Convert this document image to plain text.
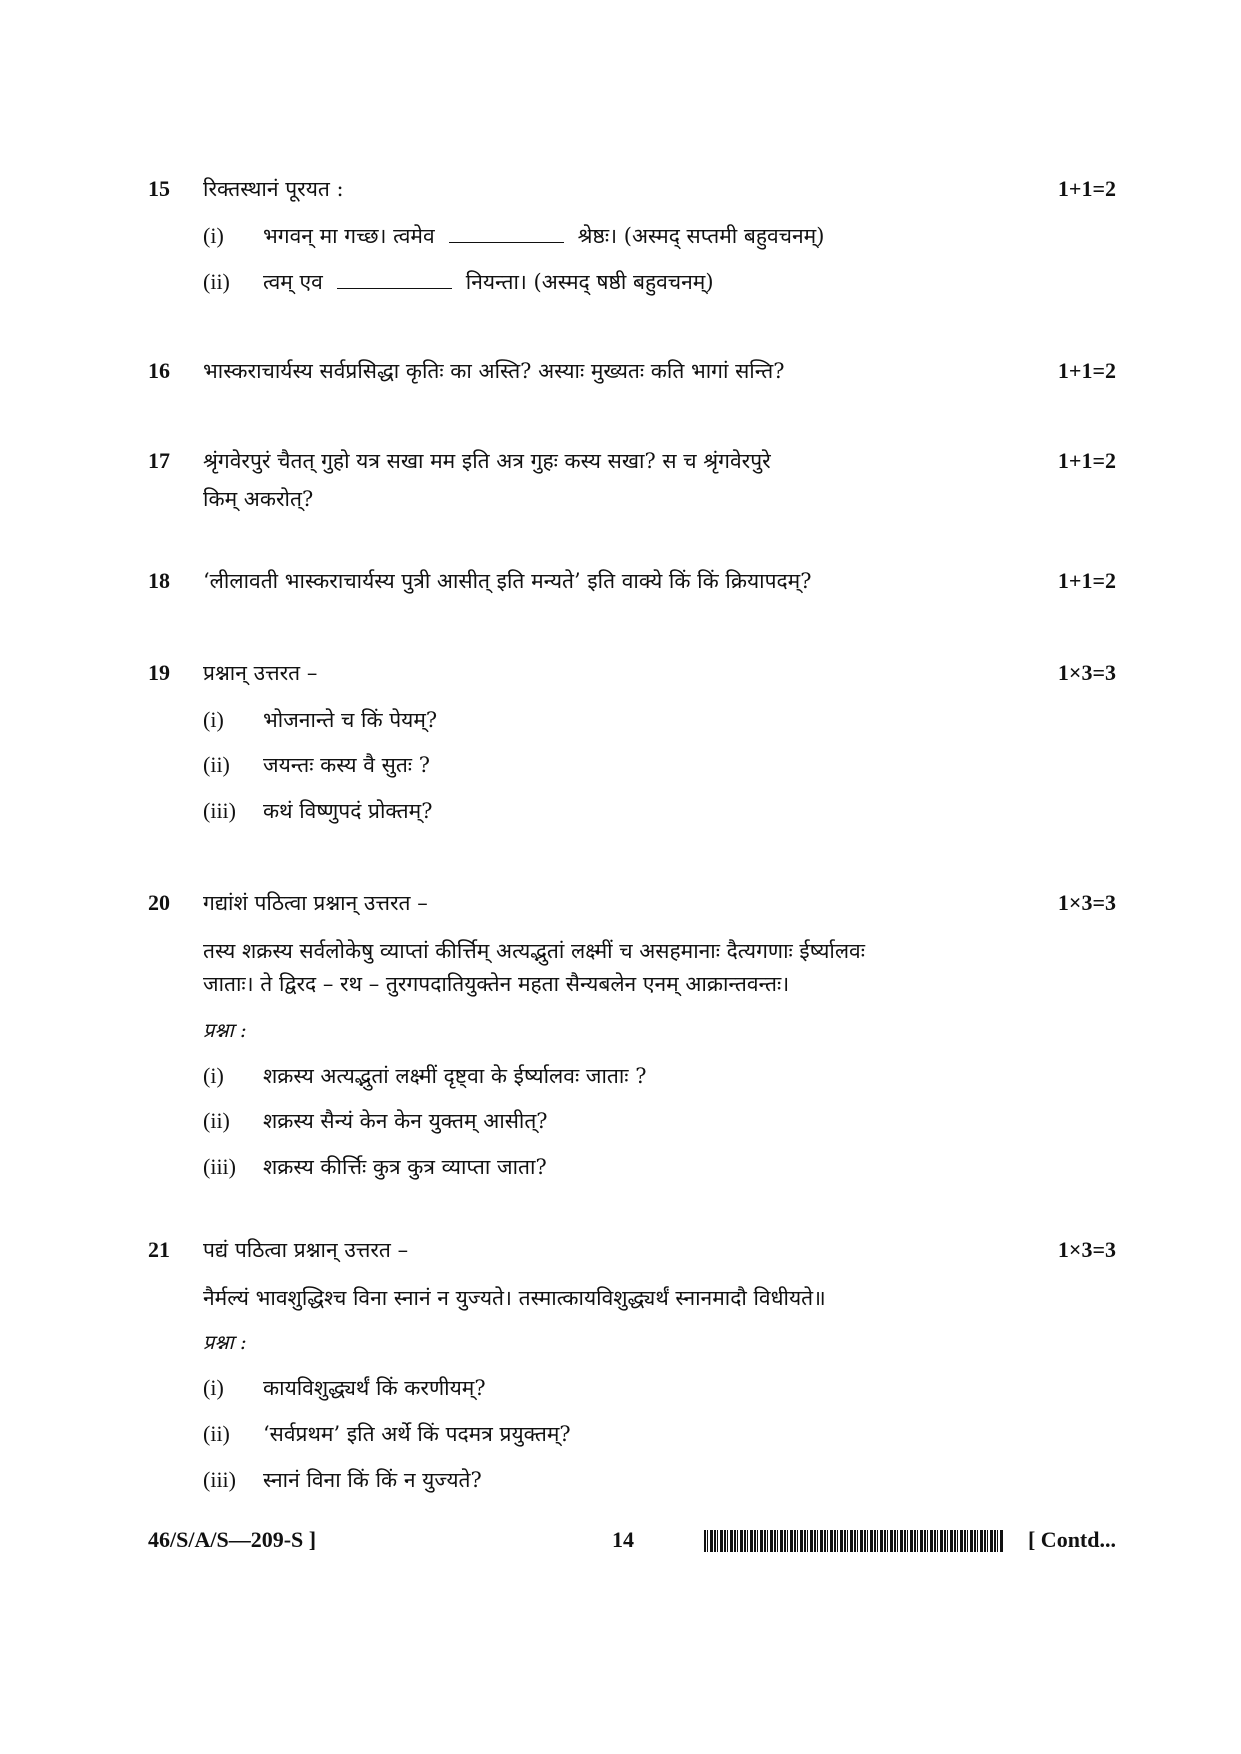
15 रिक्तस्थानं पूरयत :	1+1=2
(i) भगवन् मा गच्छ। त्वमेव	श्रेष्ठः। (अस्मद् सप्तमी बहुवचनम्)
(ii) त्वम् एव	नियन्ता। (अस्मद् षष्ठी बहुवचनम्)
16 भास्कराचार्यस्य सर्वप्रसिद्धा कृतिः का अस्ति? अस्याः मुख्यतः कति भागां सन्ति?	1+1=2
17 श्रृंगवेरपुरं चैतत् गुहो यत्र सखा मम इति अत्र गुहः कस्य सखा? स च श्रृंगवेरपुरे
किम् अकरोत्?
1+1=2
18 ‘लीलावती भास्कराचार्यस्य पुत्री आसीत् इति मन्यते’ इति वाक्ये किं किं क्रियापदम्?	1+1=2
19 प्रश्नान् उत्तरत –	1×3=3
(i) भोजनान्ते च किं पेयम्?
(ii) जयन्तः कस्य वै सुतः ?
(iii) कथं विष्णुपदं प्रोक्तम्?
20 गद्यांशं पठित्वा प्रश्नान् उत्तरत –	1×3=3
तस्य शक्रस्य सर्वलोकेषु व्याप्तां कीर्त्तिम् अत्यद्भुतां लक्ष्मीं च असहमानाः दैत्यगणाः ईर्ष्यालवः
जाताः। ते द्विरद – रथ – तुरगपदातियुक्तेन महता सैन्यबलेन एनम् आक्रान्तवन्तः।
प्रश्ना :
(i) शक्रस्य अत्यद्भुतां लक्ष्मीं दृष्ट्वा के ईर्ष्यालवः जाताः ?
(ii) शक्रस्य सैन्यं केन केन युक्तम् आसीत्?
(iii) शक्रस्य कीर्त्तिः कुत्र कुत्र व्याप्ता जाता?
21 पद्यं पठित्वा प्रश्नान् उत्तरत –	1×3=3
नैर्मल्यं भावशुद्धिश्च विना स्नानं न युज्यते। तस्मात्कायविशुद्ध्यर्थं स्नानमादौ विधीयते॥
प्रश्ना :
(i) कायविशुद्ध्यर्थं किं करणीयम्?
(ii) ‘सर्वप्रथम’ इति अर्थे किं पदमत्र प्रयुक्तम्?
(iii) स्नानं विना किं किं न युज्यते?
46/S/A/S—209-S ]	14	[ Contd...
